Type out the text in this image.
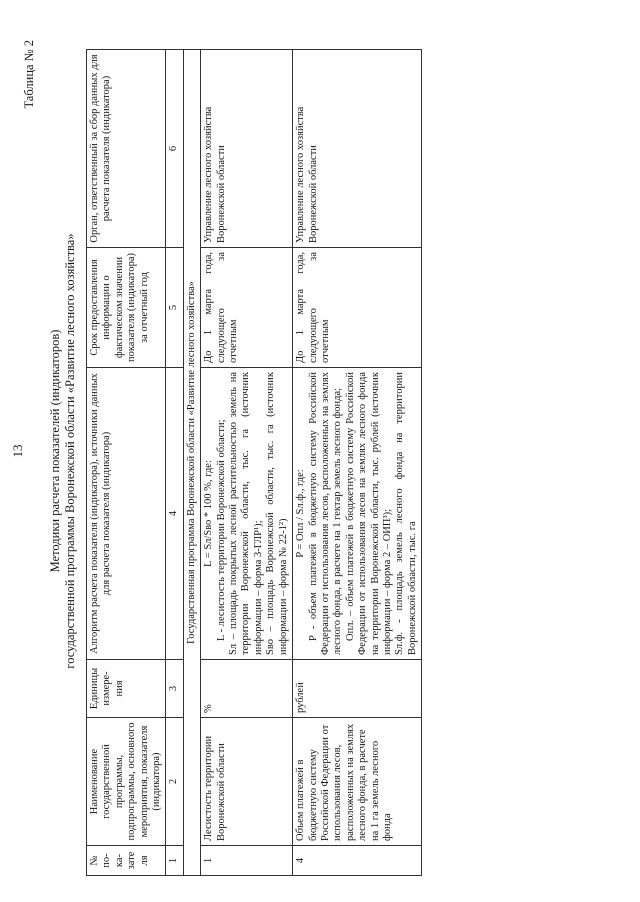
13
Таблица № 2
Методики расчета показателей (индикаторов) государственной программы Воронежской области «Развитие лесного хозяйства»
№ по-ка-зате ля	Наименование государственной программы, подпрограммы, основного мероприятия, показателя (индикатора)	Единицы измере-ния	Алгоритм расчета показателя (индикатора), источники данных для расчета показателя (индикатора)	Срок предоставления информации о фактическом значении показателя (индикатора) за отчетный год	Орган, ответственный за сбор данных для расчета показателя (индикатора)
1	2	3	4	5	6
Государственная программа Воронежской области «Развитие лесного хозяйства»					
1	Лесистость территории Воронежской области	%	L = Sл/Sво * 100 %, где: L - лесистость территории Воронежской области; Sл – площадь покрытых лесной растительностью земель на территории Воронежской области, тыс. га (источник информации – форма 3-ГЛР¹); Sво – площадь Воронежской области, тыс. га (источник информации – форма № 22-1²)	До 1 марта года, следующего за отчетным	Управление лесного хозяйства Воронежской области
4	Объем платежей в бюджетную систему Российской Федерации от использования лесов, расположенных на землях лесного фонда, в расчете на 1 га земель лесного фонда	рублей	P = Опл / Sл.ф., где: P - объем платежей в бюджетную систему Российской Федерации от использования лесов, расположенных на землях лесного фонда, в расчете на 1 гектар земель лесного фонда; Опл. – объем платежей в бюджетную систему Российской Федерации от использования лесов на землях лесного фонда на территории Воронежской области, тыс. рублей (источник информации – форма 2 – ОИП³); Sл.ф. - площадь земель лесного фонда на территории Воронежской области, тыс. га	До 1 марта года, следующего за отчетным	Управление лесного хозяйства Воронежской области
